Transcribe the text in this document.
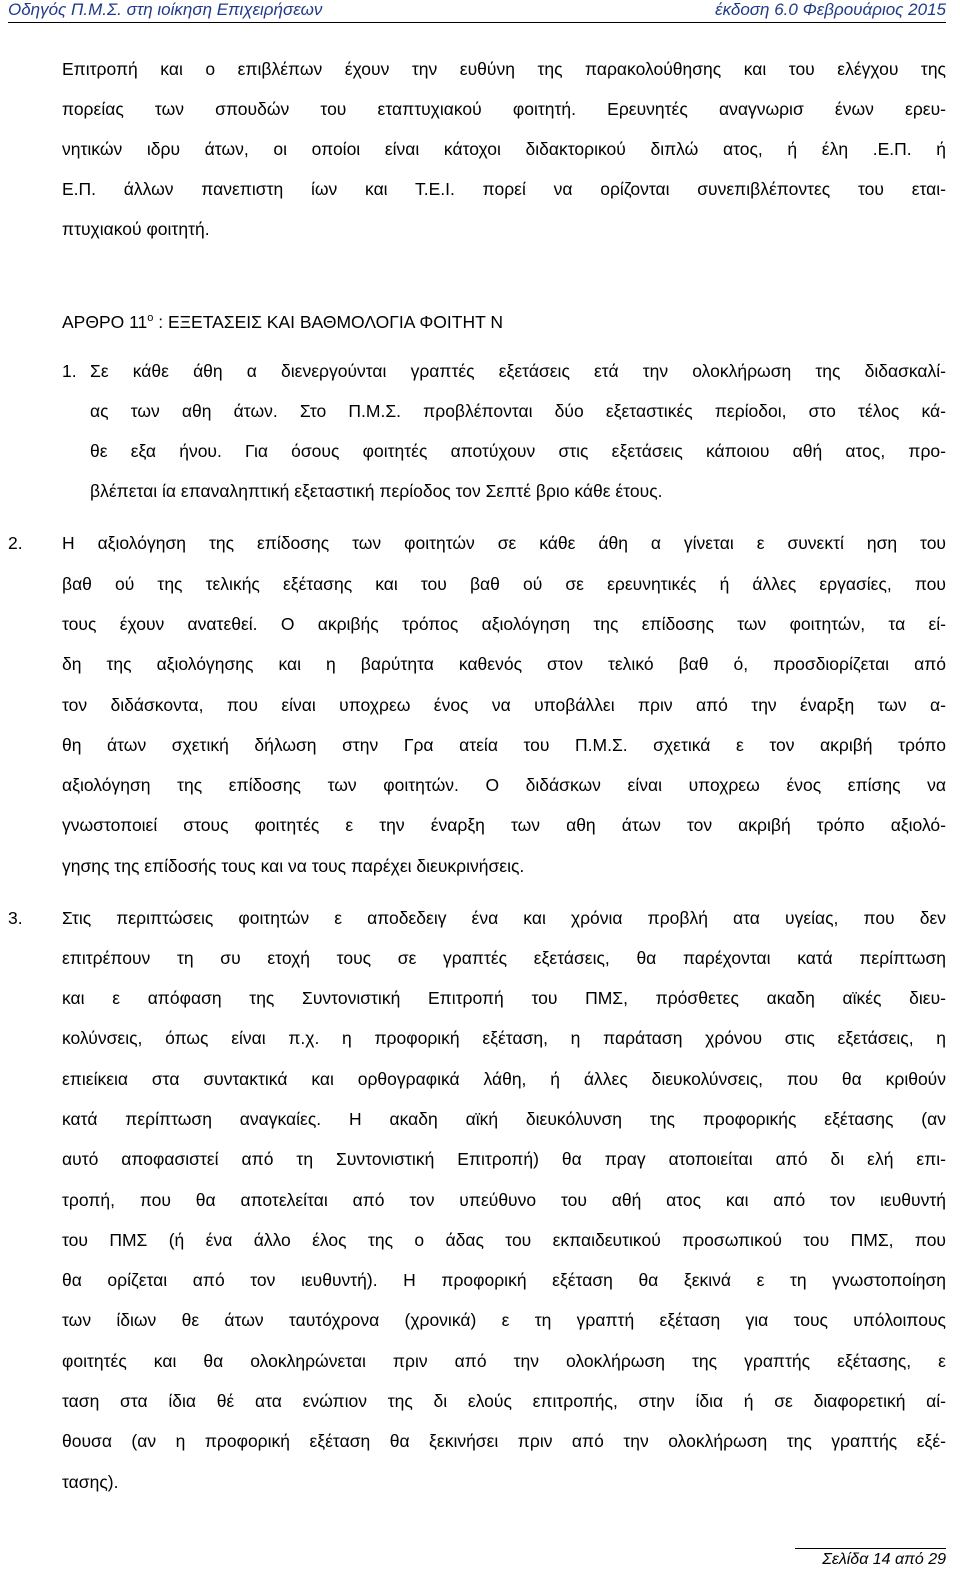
Οδηγός Π.Μ.Σ. στη ιοίκηση Επιχειρήσεων	έκδοση 6.0 Φεβρουάριος 2015
Επιτροπή και ο επιβλέπων έχουν την ευθύνη της παρακολούθησης και του ελέγχου της
πορείας των σπουδών του εταπτυχιακού φοιτητή. Ερευνητές αναγνωρισ ένων ερευ-
νητικών ιδρυ άτων, οι οποίοι είναι κάτοχοι διδακτορικού διπλώ ατος, ή έλη .Ε.Π. ή
Ε.Π. άλλων πανεπιστη ίων και Τ.Ε.Ι. πορεί να ορίζονται συνεπιβλέποντες του εται-
πτυχιακού φοιτητή.
ΑΡΘΡΟ $11^o$ : ΕΞΕΤΑΣΕΙΣ ΚΑΙ ΒΑΘΜΟΛΟΓΙΑ ΦΟΙΤΗΤ Ν
1. Σε κάθε άθη α διενεργούνται γραπτές εξετάσεις ετά την ολοκλήρωση της διδασκαλί-
ας των αθη άτων. Στο Π.Μ.Σ. προβλέπονται δύο εξεταστικές περίοδοι, στο τέλος κά-
θε εξα ήνου. Για όσους φοιτητές αποτύχουν στις εξετάσεις κάποιου αθή ατος, προ-
βλέπεται ία επαναληπτική εξεταστική περίοδος τον Σεπτέ βριο κάθε έτους.
2. Η αξιολόγηση της επίδοσης των φοιτητών σε κάθε άθη α γίνεται ε συνεκτί ηση του
βαθ ού της τελικής εξέτασης και του βαθ ού σε ερευνητικές ή άλλες εργασίες, που
τους έχουν ανατεθεί. Ο ακριβής τρόπος αξιολόγηση της επίδοσης των φοιτητών, τα εί-
δη της αξιολόγησης και η βαρύτητα καθενός στον τελικό βαθ ό, προσδιορίζεται από
τον διδάσκοντα, που είναι υποχρεω ένος να υποβάλλει πριν από την έναρξη των α-
θη άτων σχετική δήλωση στην Γρα ατεία του Π.Μ.Σ. σχετικά ε τον ακριβή τρόπο
αξιολόγηση της επίδοσης των φοιτητών. Ο διδάσκων είναι υποχρεω ένος επίσης να
γνωστοποιεί στους φοιτητές ε την έναρξη των αθη άτων τον ακριβή τρόπο αξιολό-
γησης της επίδοσής τους και να τους παρέχει διευκρινήσεις.
3. Στις περιπτώσεις φοιτητών ε αποδεδειγ ένα και χρόνια προβλή ατα υγείας, που δεν
επιτρέπουν τη συ ετοχή τους σε γραπτές εξετάσεις, θα παρέχονται κατά περίπτωση
και ε απόφαση της Συντονιστική Επιτροπή του ΠΜΣ, πρόσθετες ακαδη αϊκές διευ-
κολύνσεις, όπως είναι π.χ. η προφορική εξέταση, η παράταση χρόνου στις εξετάσεις, η
επιείκεια στα συντακτικά και ορθογραφικά λάθη, ή άλλες διευκολύνσεις, που θα κριθούν
κατά περίπτωση αναγκαίες. Η ακαδη αϊκή διευκόλυνση της προφορικής εξέτασης (αν
αυτό αποφασιστεί από τη Συντονιστική Επιτροπή) θα πραγ ατοποιείται από δι ελή επι-
τροπή, που θα αποτελείται από τον υπεύθυνο του αθή ατος και από τον ιευθυντή
του ΠΜΣ (ή ένα άλλο έλος της ο άδας του εκπαιδευτικού προσωπικού του ΠΜΣ, που
θα ορίζεται από τον ιευθυντή). Η προφορική εξέταση θα ξεκινά ε τη γνωστοποίηση
των ίδιων θε άτων ταυτόχρονα (χρονικά) ε τη γραπτή εξέταση για τους υπόλοιπους
φοιτητές και θα ολοκληρώνεται πριν από την ολοκλήρωση της γραπτής εξέτασης, ε
ταση στα ίδια θέ ατα ενώπιον της δι ελούς επιτροπής, στην ίδια ή σε διαφορετική αί-
θουσα (αν η προφορική εξέταση θα ξεκινήσει πριν από την ολοκλήρωση της γραπτής εξέ-
τασης).
Σελίδα 14 από 29
